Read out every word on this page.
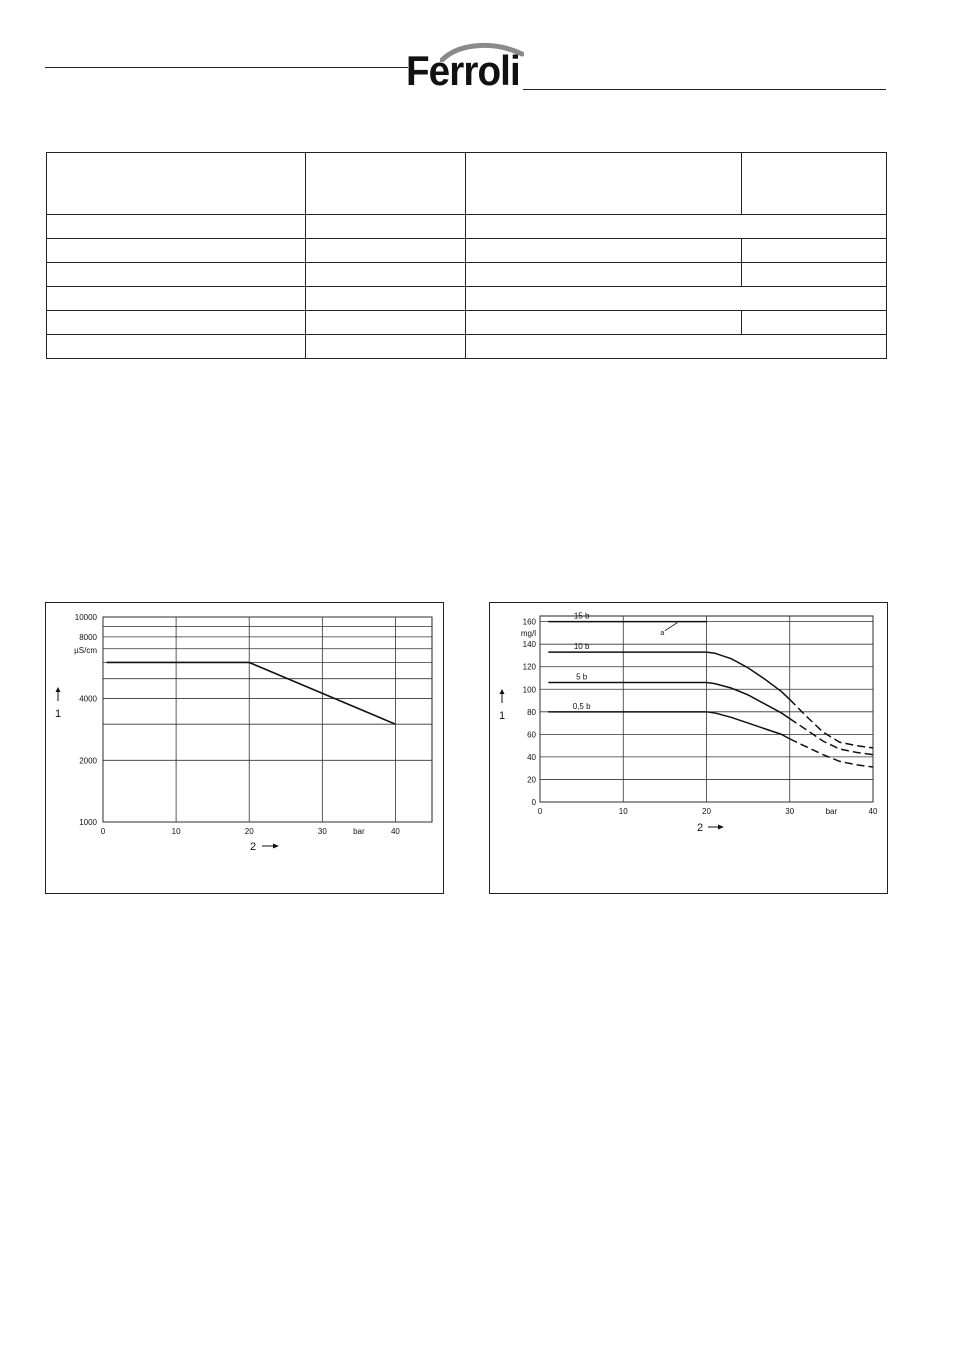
Ferroli

0	10	20	30	40
1000
2000
4000
8000
10000
µS/cm
bar
1
2
0
20
40
60
80
100
120
140
160
0	10	20	30	40
mg/l
bar
15 b
10 b
5 b
0,5 b
a
1
2
